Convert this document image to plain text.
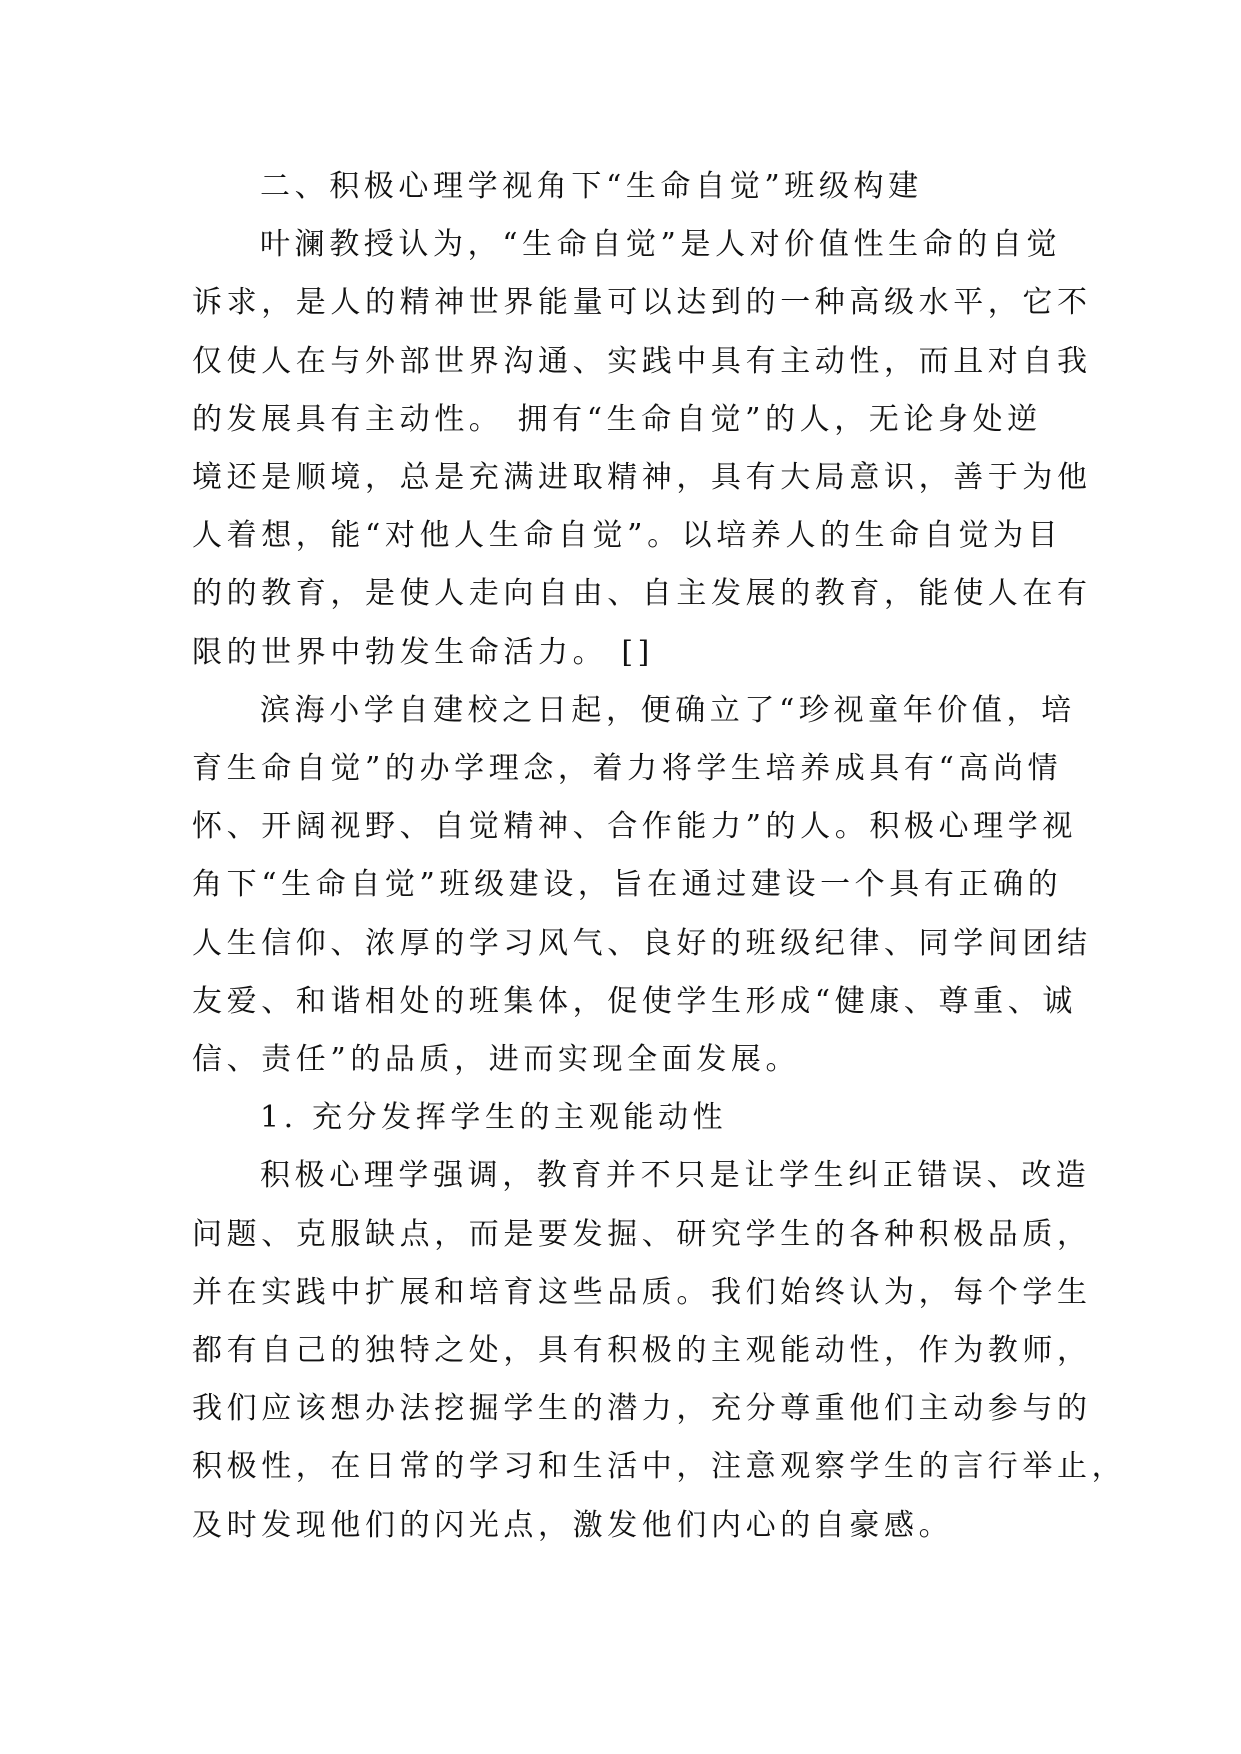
二、积极心理学视角下“生命自觉”班级构建
叶澜教授认为，“生命自觉”是人对价值性生命的自觉
诉求，是人的精神世界能量可以达到的一种高级水平，它不
仅使人在与外部世界沟通、实践中具有主动性，而且对自我
的发展具有主动性。 拥有“生命自觉”的人，无论身处逆
境还是顺境，总是充满进取精神，具有大局意识，善于为他
人着想，能“对他人生命自觉”。以培养人的生命自觉为目
的的教育，是使人走向自由、自主发展的教育，能使人在有
限的世界中勃发生命活力。 []
滨海小学自建校之日起，便确立了“珍视童年价值，培
育生命自觉”的办学理念，着力将学生培养成具有“高尚情
怀、开阔视野、自觉精神、合作能力”的人。积极心理学视
角下“生命自觉”班级建设，旨在通过建设一个具有正确的
人生信仰、浓厚的学习风气、良好的班级纪律、同学间团结
友爱、和谐相处的班集体，促使学生形成“健康、尊重、诚
信、责任”的品质，进而实现全面发展。
1. 充分发挥学生的主观能动性
积极心理学强调，教育并不只是让学生纠正错误、改造
问题、克服缺点，而是要发掘、研究学生的各种积极品质，
并在实践中扩展和培育这些品质。我们始终认为，每个学生
都有自己的独特之处，具有积极的主观能动性，作为教师，
我们应该想办法挖掘学生的潜力，充分尊重他们主动参与的
积极性，在日常的学习和生活中，注意观察学生的言行举止，
及时发现他们的闪光点，激发他们内心的自豪感。
